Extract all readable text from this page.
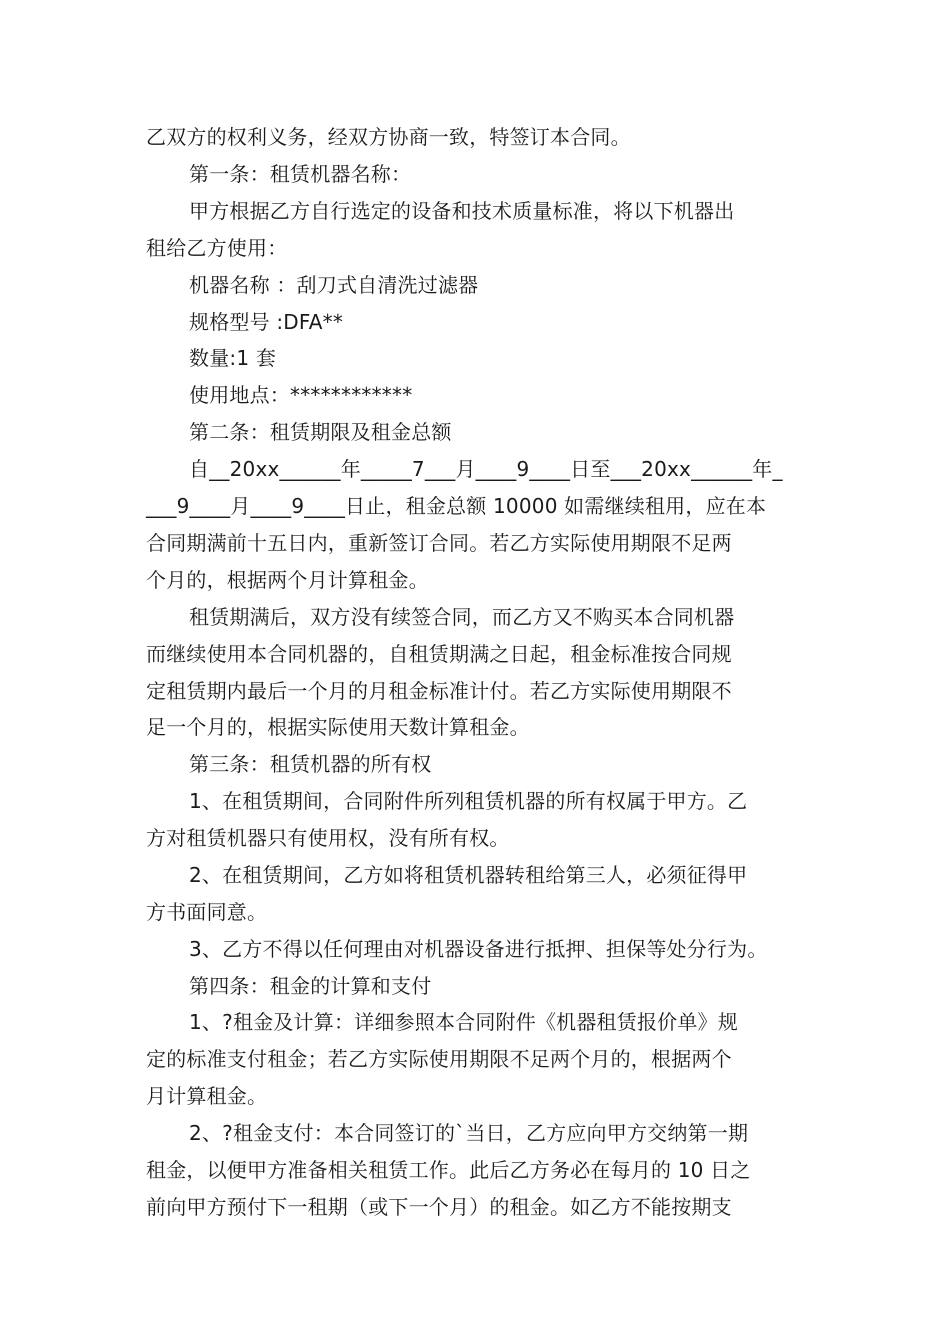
乙双方的权利义务，经双方协商一致，特签订本合同。
第一条：租赁机器名称：
甲方根据乙方自行选定的设备和技术质量标准，将以下机器出
租给乙方使用：
机器名称 ：刮刀式自清洗过滤器
规格型号 :DFA**
数量:1 套
使用地点：************
第二条：租赁期限及租金总额
自__20xx______年_____7___月____9____日至___20xx______年_
___9____月____9____日止，租金总额 10000 如需继续租用，应在本
合同期满前十五日内，重新签订合同。若乙方实际使用期限不足两
个月的，根据两个月计算租金。
租赁期满后，双方没有续签合同，而乙方又不购买本合同机器
而继续使用本合同机器的，自租赁期满之日起，租金标准按合同规
定租赁期内最后一个月的月租金标准计付。若乙方实际使用期限不
足一个月的，根据实际使用天数计算租金。
第三条：租赁机器的所有权
1、在租赁期间，合同附件所列租赁机器的所有权属于甲方。乙
方对租赁机器只有使用权，没有所有权。
2、在租赁期间，乙方如将租赁机器转租给第三人，必须征得甲
方书面同意。
3、乙方不得以任何理由对机器设备进行抵押、担保等处分行为。
第四条：租金的计算和支付
1、?租金及计算：详细参照本合同附件《机器租赁报价单》规
定的标准支付租金；若乙方实际使用期限不足两个月的，根据两个
月计算租金。
2、?租金支付：本合同签订的`当日，乙方应向甲方交纳第一期
租金，以便甲方准备相关租赁工作。此后乙方务必在每月的 10 日之
前向甲方预付下一租期（或下一个月）的租金。如乙方不能按期支
